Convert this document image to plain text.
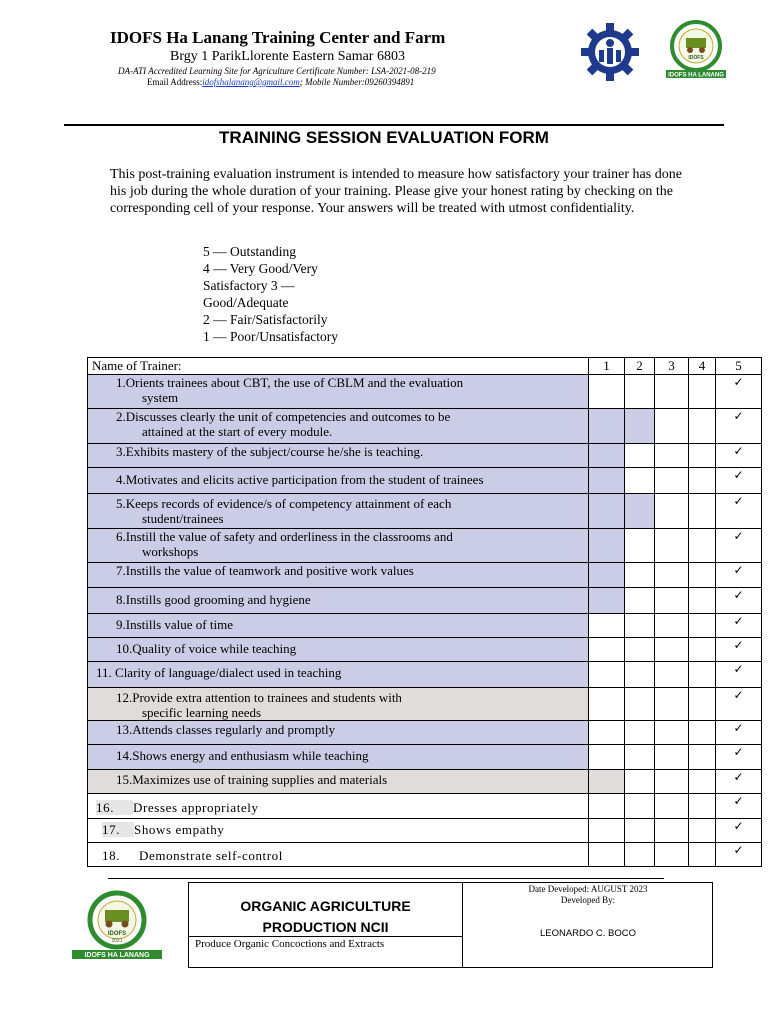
IDOFS Ha Lanang Training Center and Farm
Brgy 1 ParikLlorente Eastern Samar 6803
DA-ATI Accredited Learning Site for Agriculture Certificate Number: LSA-2021-08-219
Email Address:idofshalanang@gmail.com; Mobile Number:09260394891
IDOFS HA LANANG
IDOFS
TRAINING SESSION EVALUATION FORM
This post-training evaluation instrument is intended to measure how satisfactory your trainer has done his job during the whole duration of your training. Please give your honest rating by checking on the corresponding cell of your response. Your answers will be treated with utmost confidentiality.
5 — Outstanding
4 — Very Good/Very
Satisfactory 3 —
Good/Adequate
2 — Fair/Satisfactorily
1 — Poor/Unsatisfactory
Name of Trainer:	1	2	3	4	5

1.Orients trainees about CBT, the use of CBLM and the evaluation
system					✓

2.Discusses clearly the unit of competencies and outcomes to be
attained at the start of every module.					✓

3.Exhibits mastery of the subject/course he/she is teaching.					✓

4.Motivates and elicits active participation from the student of trainees					✓

5.Keeps records of evidence/s of competency attainment of each
student/trainees					✓

6.Instill the value of safety and orderliness in the classrooms and
workshops					✓

7.Instills the value of teamwork and positive work values					✓

8.Instills good grooming and hygiene					✓

9.Instills value of time					✓

10.Quality of voice while teaching					✓

11. Clarity of language/dialect used in teaching					✓

12.Provide extra attention to trainees and students with
specific learning needs					✓

13.Attends classes regularly and promptly					✓

14.Shows energy and enthusiasm while teaching					✓

15.Maximizes use of training supplies and materials					✓

16. Dresses appropriately					✓

17. Shows empathy					✓

18. Demonstrate self-control					✓
IDOFS
2021
IDOFS HA LANANG
ORGANIC AGRICULTURE
PRODUCTION NCII
Produce Organic Concoctions and Extracts
Date Developed: AUGUST 2023
Developed By:
LEONARDO C. BOCO
